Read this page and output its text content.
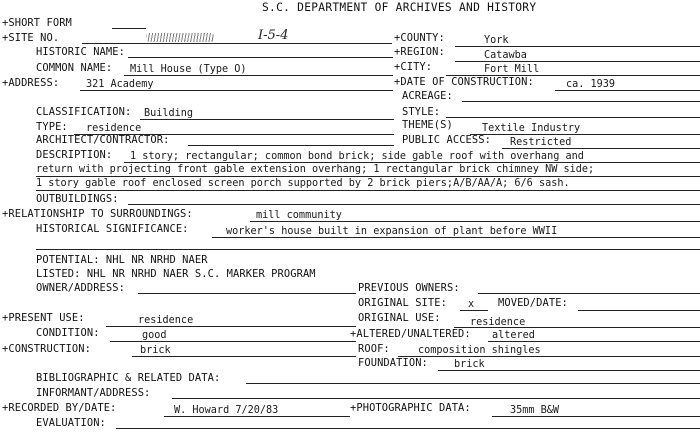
S.C. DEPARTMENT OF ARCHIVES AND HISTORY
+SHORT FORM
+SITE NO.	I-5-4	+COUNTY:	York
HISTORIC NAME:	+REGION:	Catawba
COMMON NAME: Mill House (Type O)	+CITY:	Fort Mill
+ADDRESS:	321 Academy	+DATE OF CONSTRUCTION:	ca. 1939
ACREAGE:
CLASSIFICATION: Building	STYLE:
TYPE: residence	THEME(S)	Textile Industry
ARCHITECT/CONTRACTOR:	PUBLIC ACCESS: Restricted
DESCRIPTION: 1 story; rectangular; common bond brick; side gable roof with overhang and
return with projecting front gable extension overhang; 1 rectangular brick chimney NW side;
1 story gable roof enclosed screen porch supported by 2 brick piers;A/B/AA/A; 6/6 sash.
OUTBUILDINGS:
+RELATIONSHIP TO SURROUNDINGS:	mill community
HISTORICAL SIGNIFICANCE:	worker's house built in expansion of plant before WWII
POTENTIAL: NHL NR NRHD NAER
LISTED: NHL NR NRHD NAER S.C. MARKER PROGRAM
OWNER/ADDRESS:	PREVIOUS OWNERS:
ORIGINAL SITE: x MOVED/DATE:
+PRESENT USE:	residence	ORIGINAL USE:	residence
CONDITION:	good	+ALTERED/UNALTERED: altered
+CONSTRUCTION:	brick	ROOF:	composition shingles
FOUNDATION:	brick
BIBLIOGRAPHIC & RELATED DATA:
INFORMANT/ADDRESS:
+RECORDED BY/DATE:	W. Howard 7/20/83	+PHOTOGRAPHIC DATA:	35mm B&W
EVALUATION:
